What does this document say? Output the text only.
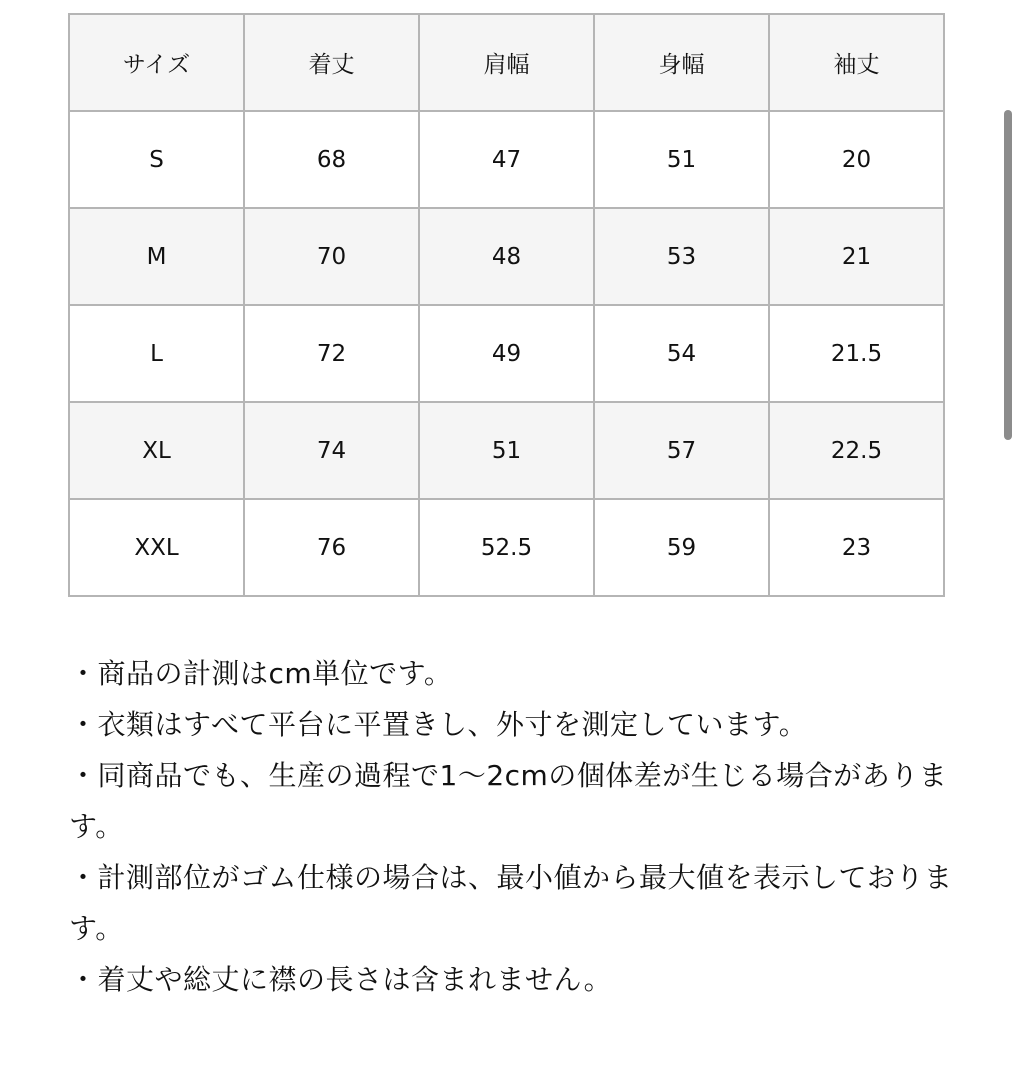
サイズ	着丈	肩幅	身幅	袖丈
S	68	47	51	20
M	70	48	53	21
L	72	49	54	21.5
XL	74	51	57	22.5
XXL	76	52.5	59	23
・商品の計測はcm単位です。
・衣類はすべて平台に平置きし、外寸を測定しています。
・同商品でも、生産の過程で1〜2cmの個体差が生じる場合があります。
・計測部位がゴム仕様の場合は、最小値から最大値を表示しております。
・着丈や総丈に襟の長さは含まれません。
